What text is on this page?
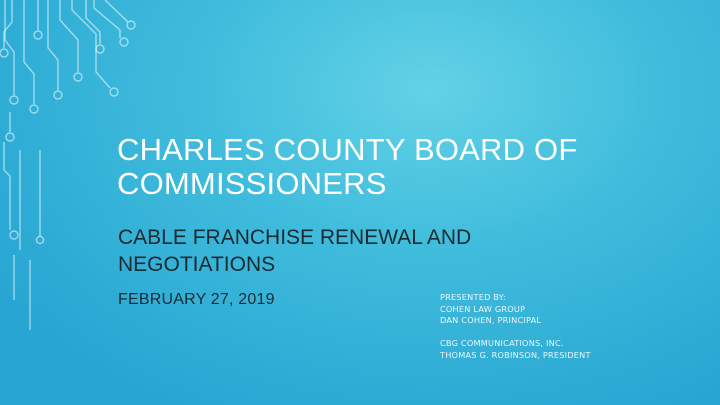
CHARLES COUNTY BOARD OF COMMISSIONERS
CABLE FRANCHISE RENEWAL AND NEGOTIATIONS
FEBRUARY 27, 2019	PRESENTED BY:
COHEN LAW GROUP
DAN COHEN, PRINCIPAL
CBG COMMUNICATIONS, INC.
THOMAS G. ROBINSON, PRESIDENT
